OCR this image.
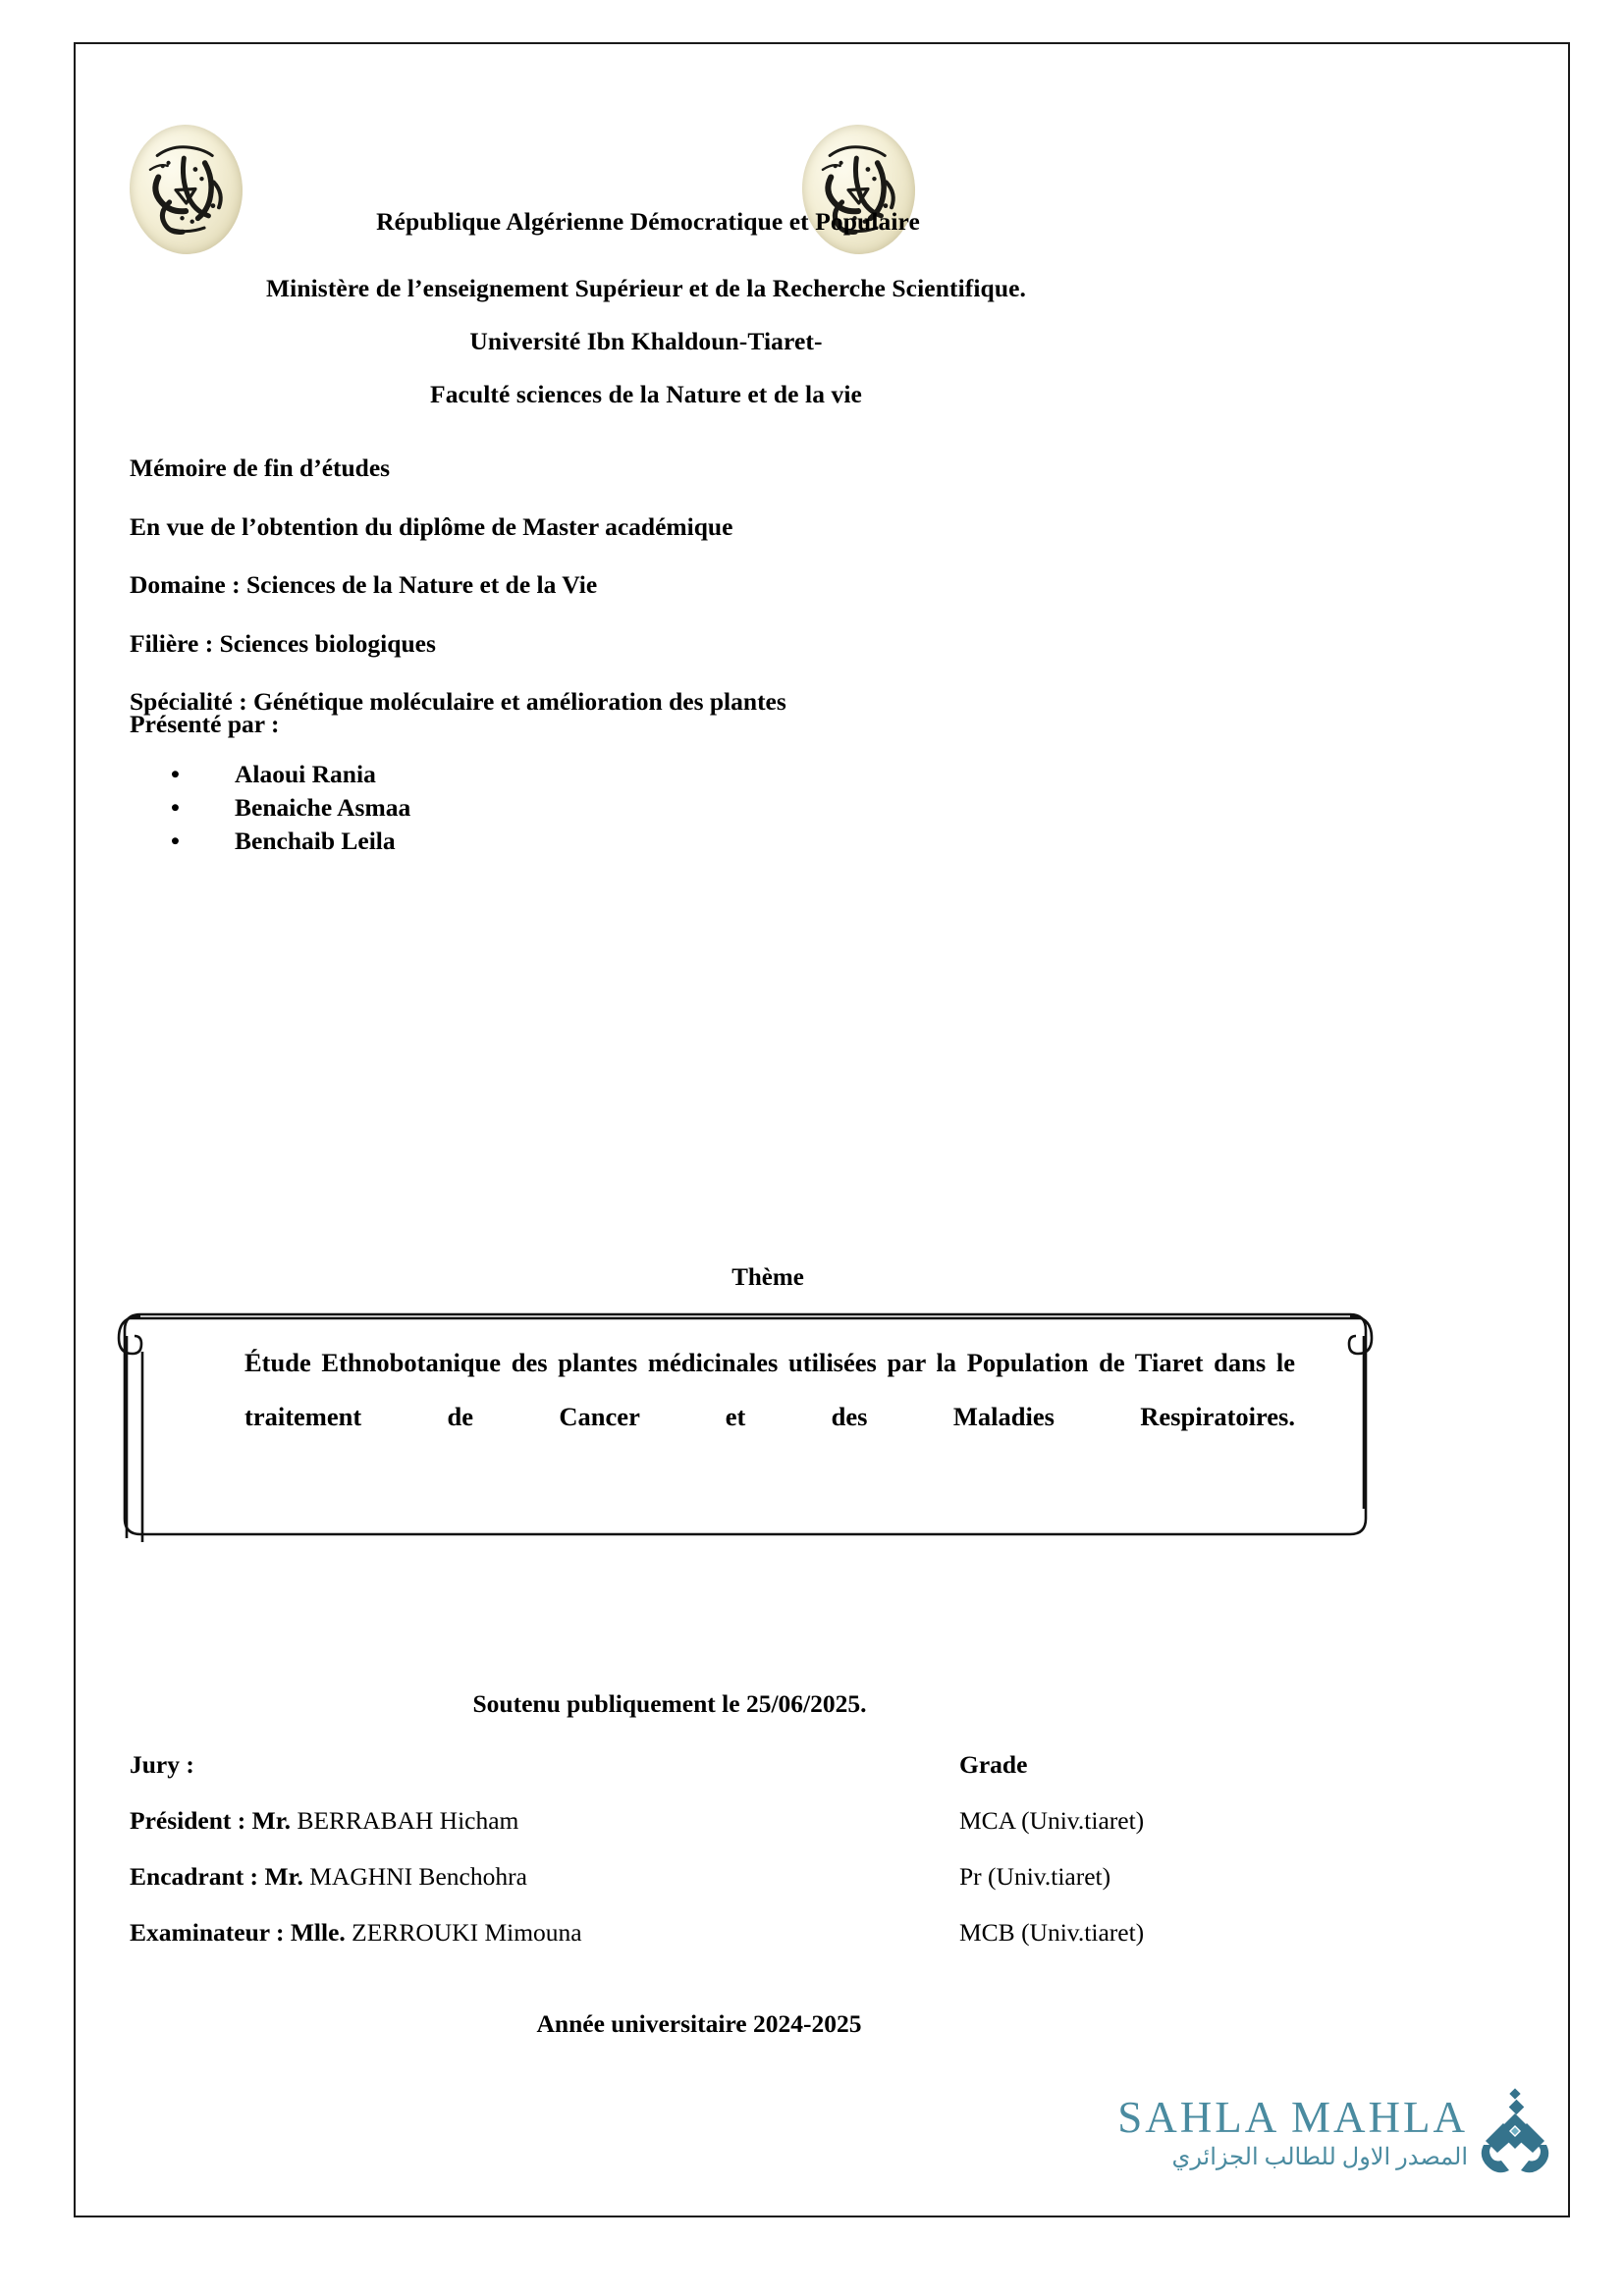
République Algérienne Démocratique et Populaire
Ministère de l’enseignement Supérieur et de la Recherche Scientifique.
Université Ibn Khaldoun-Tiaret-
Faculté sciences de la Nature et de la vie

Mémoire de fin d’études

En vue de l’obtention du diplôme de Master académique

Domaine : Sciences de la Nature et de la Vie

Filière : Sciences biologiques

Spécialité : Génétique moléculaire et amélioration des plantes

Présenté par :
• Alaoui Rania
• Benaiche Asmaa
• Benchaib Leila
Thème
Étude Ethnobotanique des plantes médicinales utilisées par la Population de Tiaret dans le traitement de Cancer et des Maladies Respiratoires.
Soutenu publiquement le 25/06/2025.
Jury :	Grade
Président : Mr. BERRABAH Hicham	MCA (Univ.tiaret)
Encadrant : Mr. MAGHNI Benchohra	Pr (Univ.tiaret)
Examinateur : Mlle. ZERROUKI Mimouna	MCB (Univ.tiaret)
Année universitaire 2024-2025
SAHLA MAHLA
المصدر الاول للطالب الجزائري
